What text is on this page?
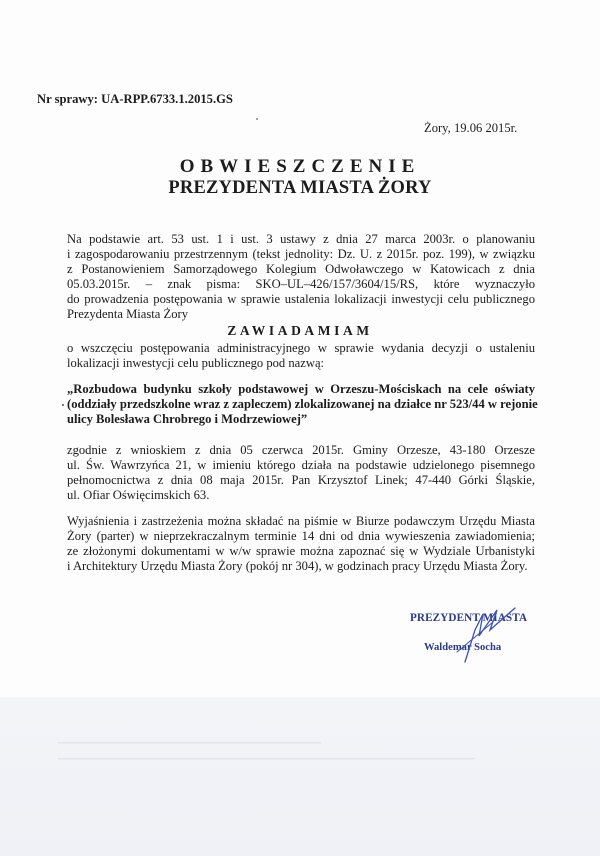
▁▁▁▁▁▁▁▁▁▁▁▁▁▁▁▁▁▁▁▁▁▁▁▁▁▁▁▁▁▁▁▁▁▁▁▁
▁▁▁▁▁▁▁▁▁▁▁▁▁▁▁▁▁▁▁▁▁▁▁▁▁▁▁▁▁▁▁▁▁▁▁▁▁▁▁▁▁▁▁▁▁▁▁▁▁▁▁▁▁▁▁▁▁
Nr sprawy: UA-RPP.6733.1.2015.GS
Żory, 19.06 2015r.
OBWIESZCZENIE
PREZYDENTA MIASTA ŻORY
Na podstawie art. 53 ust. 1 i ust. 3 ustawy z dnia 27 marca 2003r. o planowaniu
i zagospodarowaniu przestrzennym (tekst jednolity: Dz. U. z 2015r. poz. 199), w związku
z Postanowieniem Samorządowego Kolegium Odwoławczego w Katowicach z dnia
05.03.2015r. – znak pisma: SKO–UL–426/157/3604/15/RS, które wyznaczyło
do prowadzenia postępowania w sprawie ustalenia lokalizacji inwestycji celu publicznego
Prezydenta Miasta Żory
ZAWIADAMIAM
o wszczęciu postępowania administracyjnego w sprawie wydania decyzji o ustaleniu
lokalizacji inwestycji celu publicznego pod nazwą:
„Rozbudowa budynku szkoły podstawowej w Orzeszu-Mościskach na cele oświaty
(oddziały przedszkolne wraz z zapleczem) zlokalizowanej na działce nr 523/44 w rejonie
ulicy Bolesława Chrobrego i Modrzewiowej”
zgodnie z wnioskiem z dnia 05 czerwca 2015r. Gminy Orzesze, 43-180 Orzesze
ul. Św. Wawrzyńca 21, w imieniu którego działa na podstawie udzielonego pisemnego
pełnomocnictwa z dnia 08 maja 2015r. Pan Krzysztof Linek; 47-440 Górki Śląskie,
ul. Ofiar Oświęcimskich 63.
Wyjaśnienia i zastrzeżenia można składać na piśmie w Biurze podawczym Urzędu Miasta
Żory (parter) w nieprzekraczalnym terminie 14 dni od dnia wywieszenia zawiadomienia;
ze złożonymi dokumentami w w/w sprawie można zapoznać się w Wydziale Urbanistyki
i Architektury Urzędu Miasta Żory (pokój nr 304), w godzinach pracy Urzędu Miasta Żory.
PREZYDENT MIASTA
Waldemar Socha
